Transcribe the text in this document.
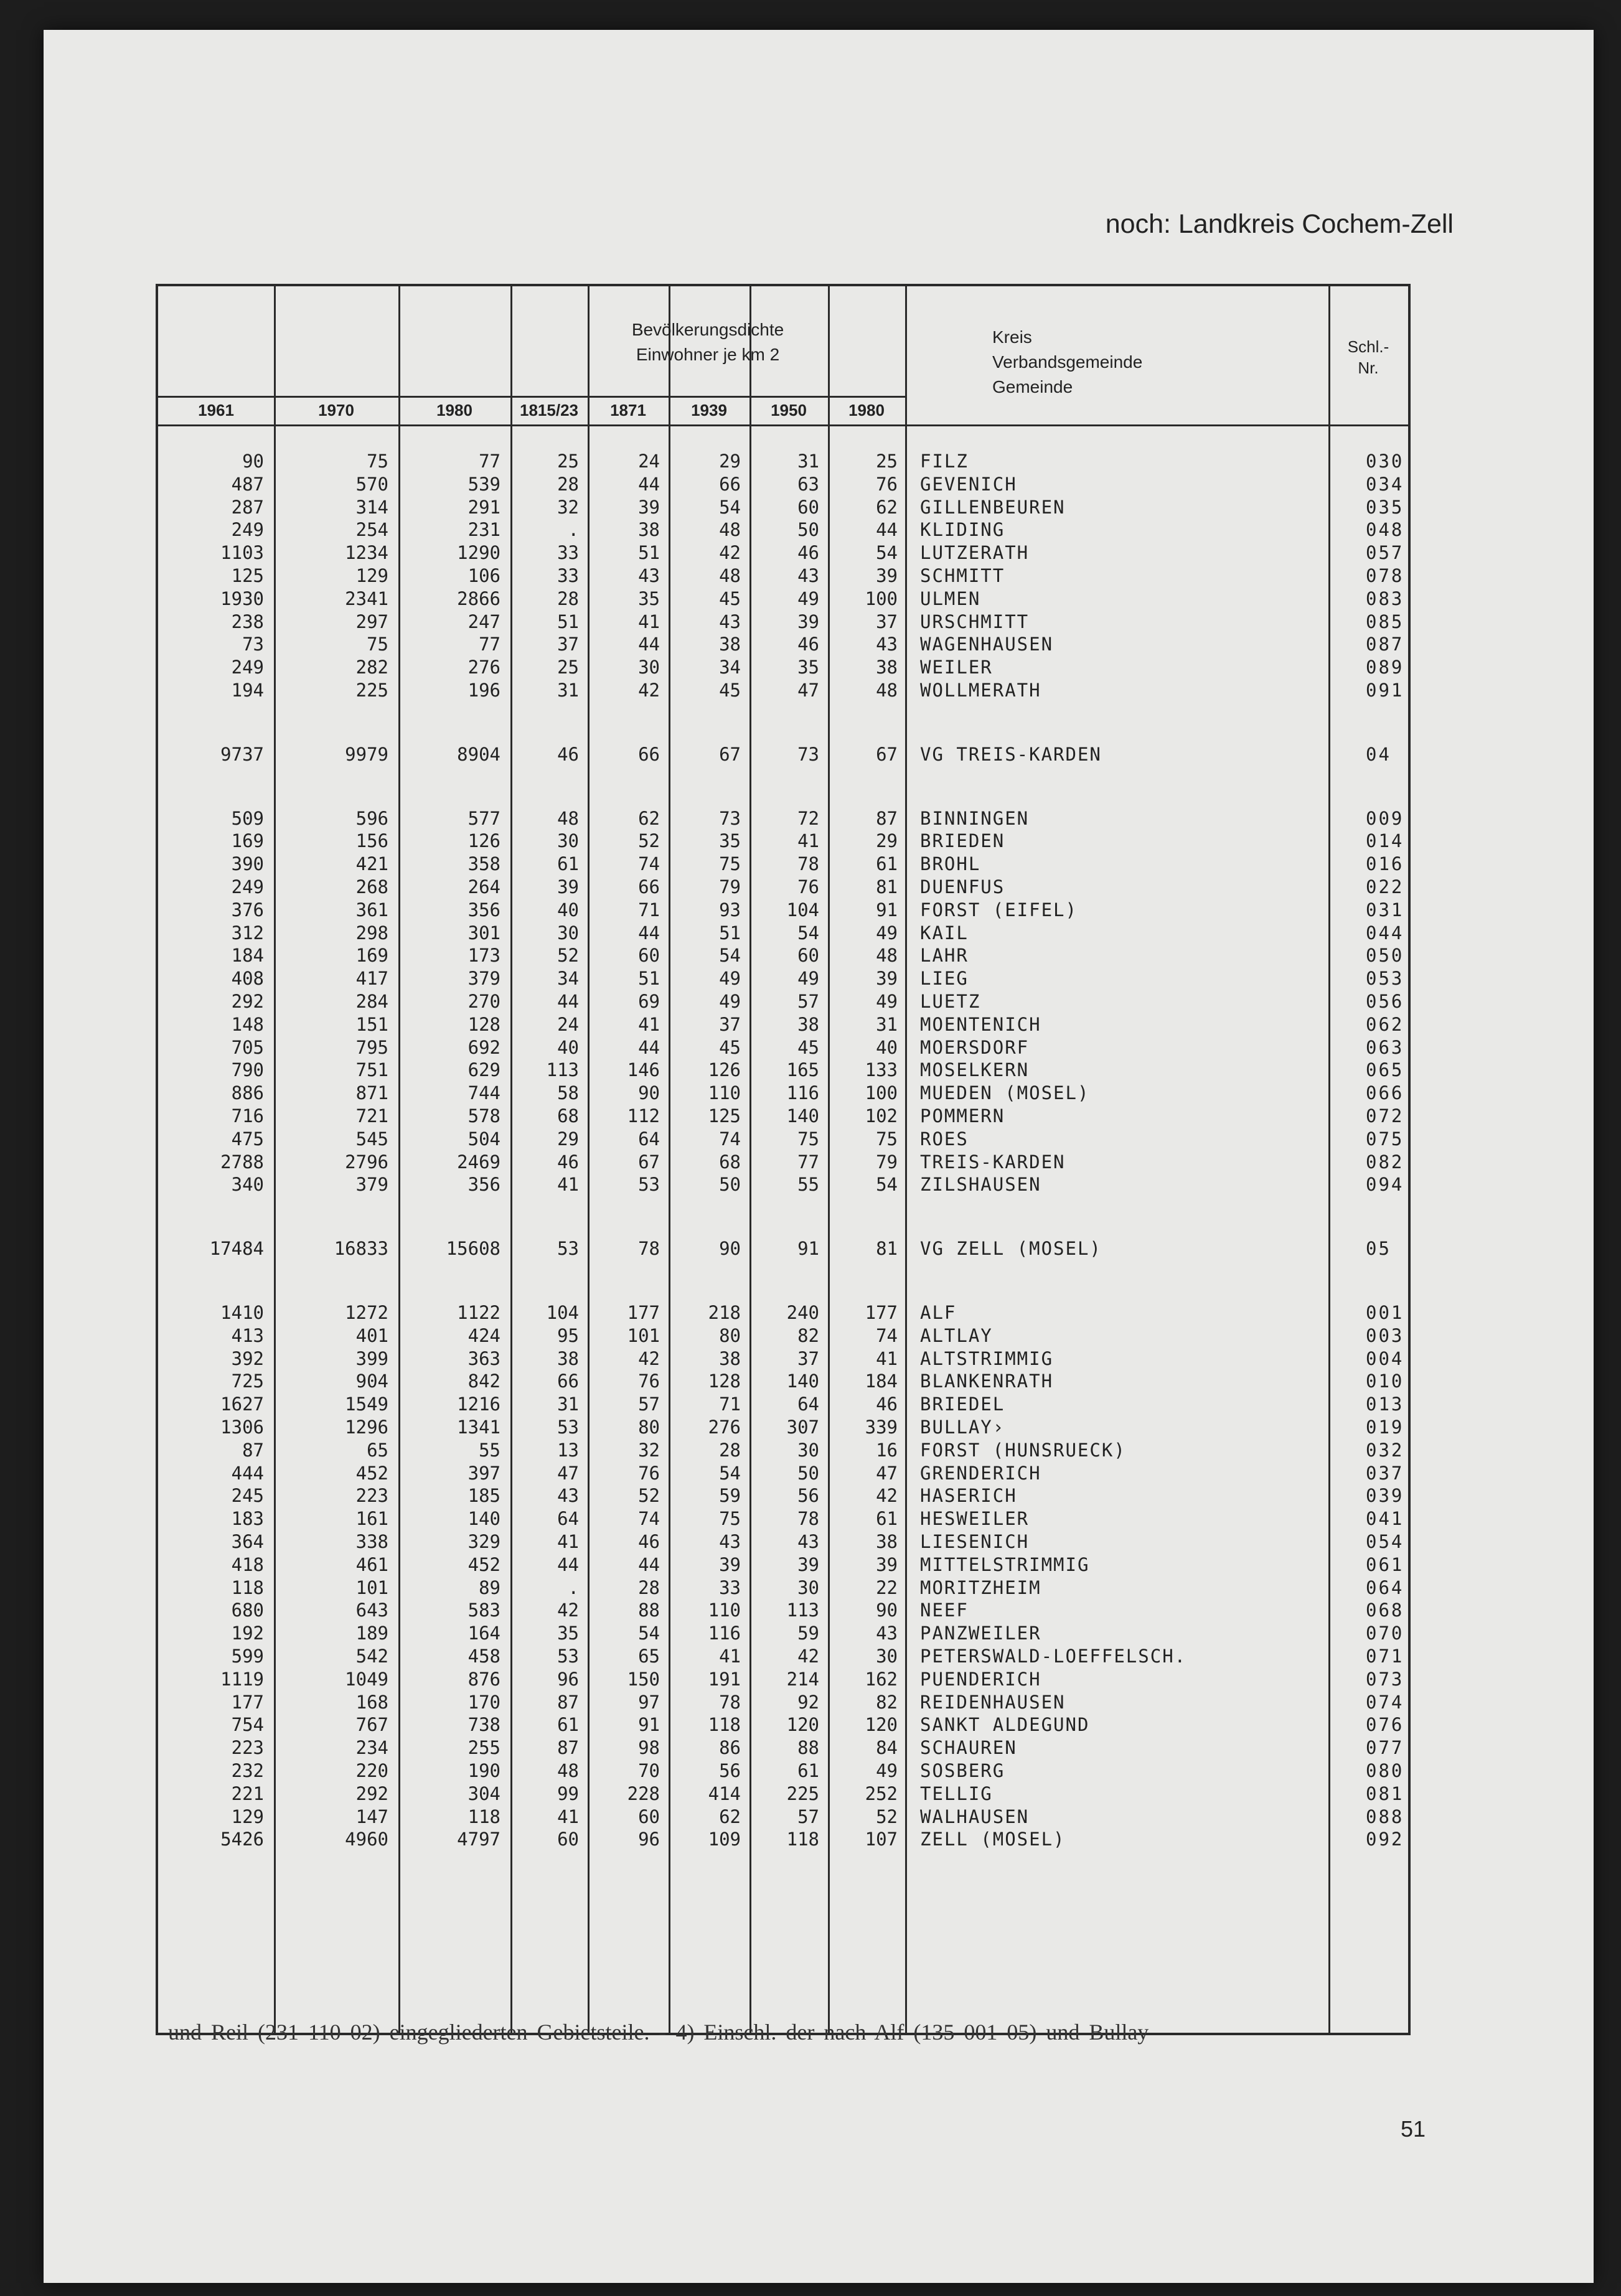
noch: Landkreis Cochem-Zell
Bevölkerungsdichte
Einwohner je km 2
Kreis
Verbandsgemeinde
Gemeinde
Schl.-
Nr.
1961	1970	1980	1815/23	1871	1939	1950	1980
90	75	77	25	24	29	31	25 FILZ	030
487	570	539	28	44	66	63	76 GEVENICH	034
287	314	291	32	39	54	60	62 GILLENBEUREN	035
249	254	231	.	38	48	50	44 KLIDING	048
1103	1234	1290	33	51	42	46	54 LUTZERATH	057
125	129	106	33	43	48	43	39 SCHMITT	078
1930	2341	2866	28	35	45	49	100 ULMEN	083
238	297	247	51	41	43	39	37 URSCHMITT	085
73	75	77	37	44	38	46	43 WAGENHAUSEN	087
249	282	276	25	30	34	35	38 WEILER	089
194	225	196	31	42	45	47	48 WOLLMERATH	091
9737	9979	8904	46	66	67	73	67 VG TREIS-KARDEN	04
509	596	577	48	62	73	72	87 BINNINGEN	009
169	156	126	30	52	35	41	29 BRIEDEN	014
390	421	358	61	74	75	78	61 BROHL	016
249	268	264	39	66	79	76	81 DUENFUS	022
376	361	356	40	71	93	104	91 FORST (EIFEL)	031
312	298	301	30	44	51	54	49 KAIL	044
184	169	173	52	60	54	60	48 LAHR	050
408	417	379	34	51	49	49	39 LIEG	053
292	284	270	44	69	49	57	49 LUETZ	056
148	151	128	24	41	37	38	31 MOENTENICH	062
705	795	692	40	44	45	45	40 MOERSDORF	063
790	751	629	113	146	126	165	133 MOSELKERN	065
886	871	744	58	90	110	116	100 MUEDEN (MOSEL)	066
716	721	578	68	112	125	140	102 POMMERN	072
475	545	504	29	64	74	75	75 ROES	075
2788	2796	2469	46	67	68	77	79 TREIS-KARDEN	082
340	379	356	41	53	50	55	54 ZILSHAUSEN	094
17484	16833	15608	53	78	90	91	81 VG ZELL (MOSEL)	05
1410	1272	1122	104	177	218	240	177 ALF	001
413	401	424	95	101	80	82	74 ALTLAY	003
392	399	363	38	42	38	37	41 ALTSTRIMMIG	004
725	904	842	66	76	128	140	184 BLANKENRATH	010
1627	1549	1216	31	57	71	64	46 BRIEDEL	013
1306	1296	1341	53	80	276	307	339 BULLAY›	019
87	65	55	13	32	28	30	16 FORST (HUNSRUECK)	032
444	452	397	47	76	54	50	47 GRENDERICH	037
245	223	185	43	52	59	56	42 HASERICH	039
183	161	140	64	74	75	78	61 HESWEILER	041
364	338	329	41	46	43	43	38 LIESENICH	054
418	461	452	44	44	39	39	39 MITTELSTRIMMIG	061
118	101	89	.	28	33	30	22 MORITZHEIM	064
680	643	583	42	88	110	113	90 NEEF	068
192	189	164	35	54	116	59	43 PANZWEILER	070
599	542	458	53	65	41	42	30 PETERSWALD-LOEFFELSCH.	071
1119	1049	876	96	150	191	214	162 PUENDERICH	073
177	168	170	87	97	78	92	82 REIDENHAUSEN	074
754	767	738	61	91	118	120	120 SANKT ALDEGUND	076
223	234	255	87	98	86	88	84 SCHAUREN	077
232	220	190	48	70	56	61	49 SOSBERG	080
221	292	304	99	228	414	225	252 TELLIG	081
129	147	118	41	60	62	57	52 WALHAUSEN	088
5426	4960	4797	60	96	109	118	107 ZELL (MOSEL)	092
und Reil (231 110 02) eingegliederten Gebietsteile. - 4) Einschl. der nach Alf (135 001 05) und Bullay
51
